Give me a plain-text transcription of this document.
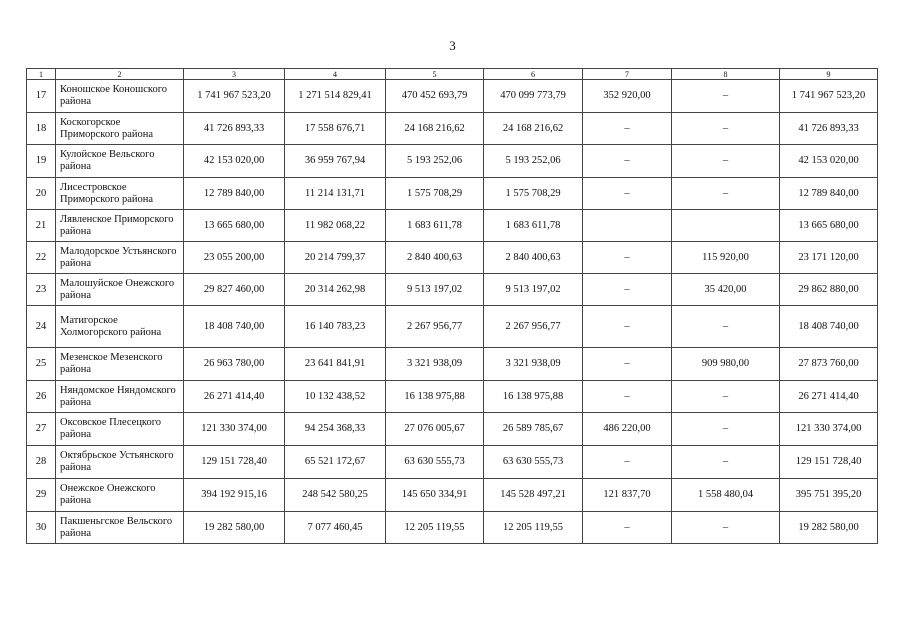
3
1	2	3	4	5	6	7	8	9
17	Коношское Коношского района	1 741 967 523,20	1 271 514 829,41	470 452 693,79	470 099 773,79	352 920,00	–	1 741 967 523,20
18	Коскогорское Приморского района	41 726 893,33	17 558 676,71	24 168 216,62	24 168 216,62	–	–	41 726 893,33
19	Кулойское Вельского района	42 153 020,00	36 959 767,94	5 193 252,06	5 193 252,06	–	–	42 153 020,00
20	Лисестровское Приморского района	12 789 840,00	11 214 131,71	1 575 708,29	1 575 708,29	–	–	12 789 840,00
21	Лявленское Приморского района	13 665 680,00	11 982 068,22	1 683 611,78	1 683 611,78			13 665 680,00
22	Малодорское Устьянского района	23 055 200,00	20 214 799,37	2 840 400,63	2 840 400,63	–	115 920,00	23 171 120,00
23	Малошуйское Онежского района	29 827 460,00	20 314 262,98	9 513 197,02	9 513 197,02	–	35 420,00	29 862 880,00
24	Матигорское Холмогорского района	18 408 740,00	16 140 783,23	2 267 956,77	2 267 956,77	–	–	18 408 740,00
25	Мезенское Мезенского района	26 963 780,00	23 641 841,91	3 321 938,09	3 321 938,09	–	909 980,00	27 873 760,00
26	Няндомское Няндомского района	26 271 414,40	10 132 438,52	16 138 975,88	16 138 975,88	–	–	26 271 414,40
27	Оксовское Плесецкого района	121 330 374,00	94 254 368,33	27 076 005,67	26 589 785,67	486 220,00	–	121 330 374,00
28	Октябрьское Устьянского района	129 151 728,40	65 521 172,67	63 630 555,73	63 630 555,73	–	–	129 151 728,40
29	Онежское Онежского района	394 192 915,16	248 542 580,25	145 650 334,91	145 528 497,21	121 837,70	1 558 480,04	395 751 395,20
30	Пакшеньгское Вельского района	19 282 580,00	7 077 460,45	12 205 119,55	12 205 119,55	–	–	19 282 580,00
